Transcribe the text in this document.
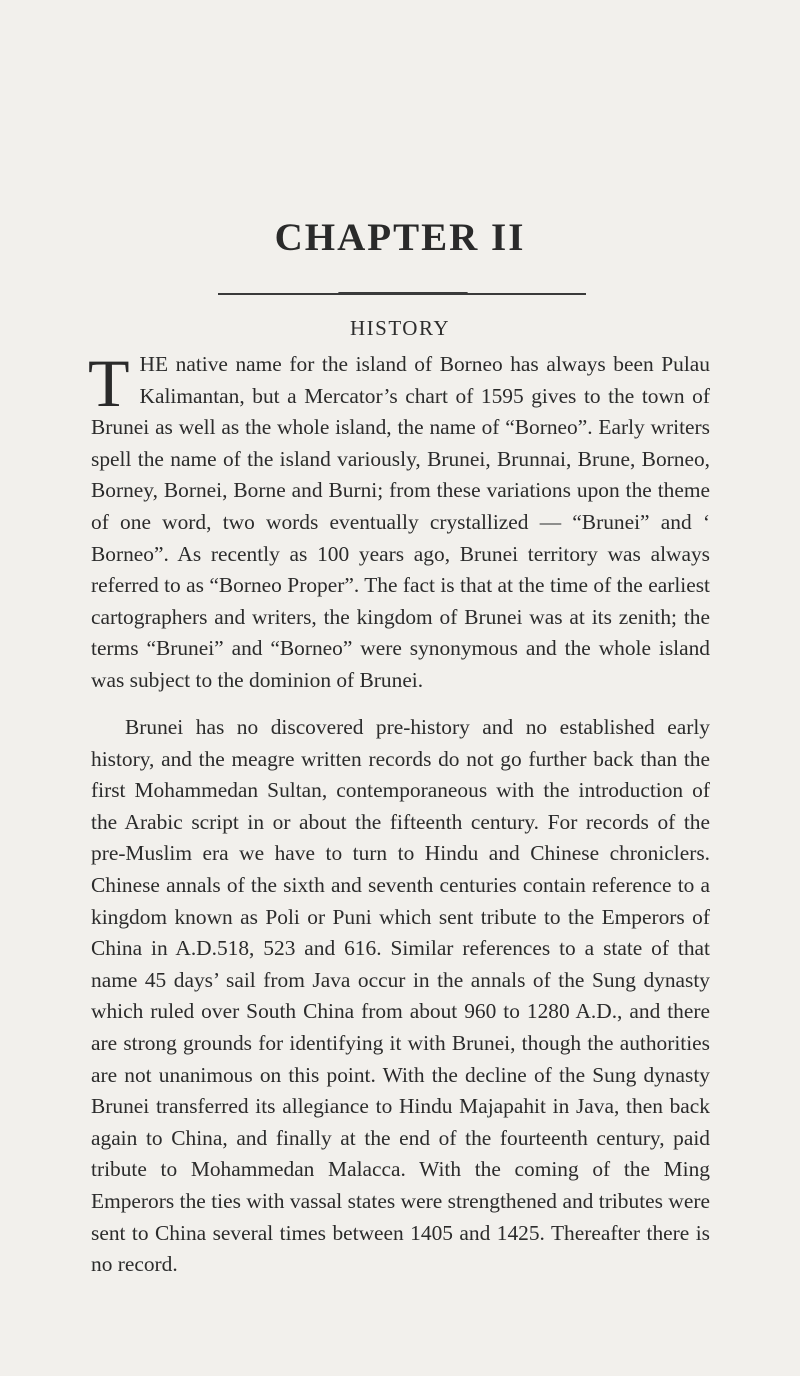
CHAPTER II
HISTORY

THE native name for the island of Borneo has always been Pulau Kalimantan, but a Mercator’s chart of 1595 gives to the town of Brunei as well as the whole island, the name of “Borneo”. Early writers spell the name of the island variously, Brunei, Brunnai, Brune, Borneo, Borney, Bornei, Borne and Burni; from these variations upon the theme of one word, two words eventually crystallized — “Brunei” and ‘ Borneo”. As recently as 100 years ago, Brunei territory was always referred to as “Borneo Proper”. The fact is that at the time of the earliest cartographers and writers, the kingdom of Brunei was at its zenith; the terms “Brunei” and “Borneo” were synonymous and the whole island was subject to the dominion of Brunei.

Brunei has no discovered pre-history and no established early history, and the meagre written records do not go further back than the first Mohammedan Sultan, contemporaneous with the introduction of the Arabic script in or about the fifteenth century. For records of the pre-Muslim era we have to turn to Hindu and Chinese chroniclers. Chinese annals of the sixth and seventh centuries contain reference to a kingdom known as Poli or Puni which sent tribute to the Emperors of China in A.D.518, 523 and 616. Similar references to a state of that name 45 days’ sail from Java occur in the annals of the Sung dynasty which ruled over South China from about 960 to 1280 A.D., and there are strong grounds for identifying it with Brunei, though the authorities are not unanimous on this point. With the decline of the Sung dynasty Brunei transferred its allegiance to Hindu Majapahit in Java, then back again to China, and finally at the end of the fourteenth century, paid tribute to Mohammedan Malacca. With the coming of the Ming Emperors the ties with vassal states were strengthened and tributes were sent to China several times between 1405 and 1425. Thereafter there is no record.
